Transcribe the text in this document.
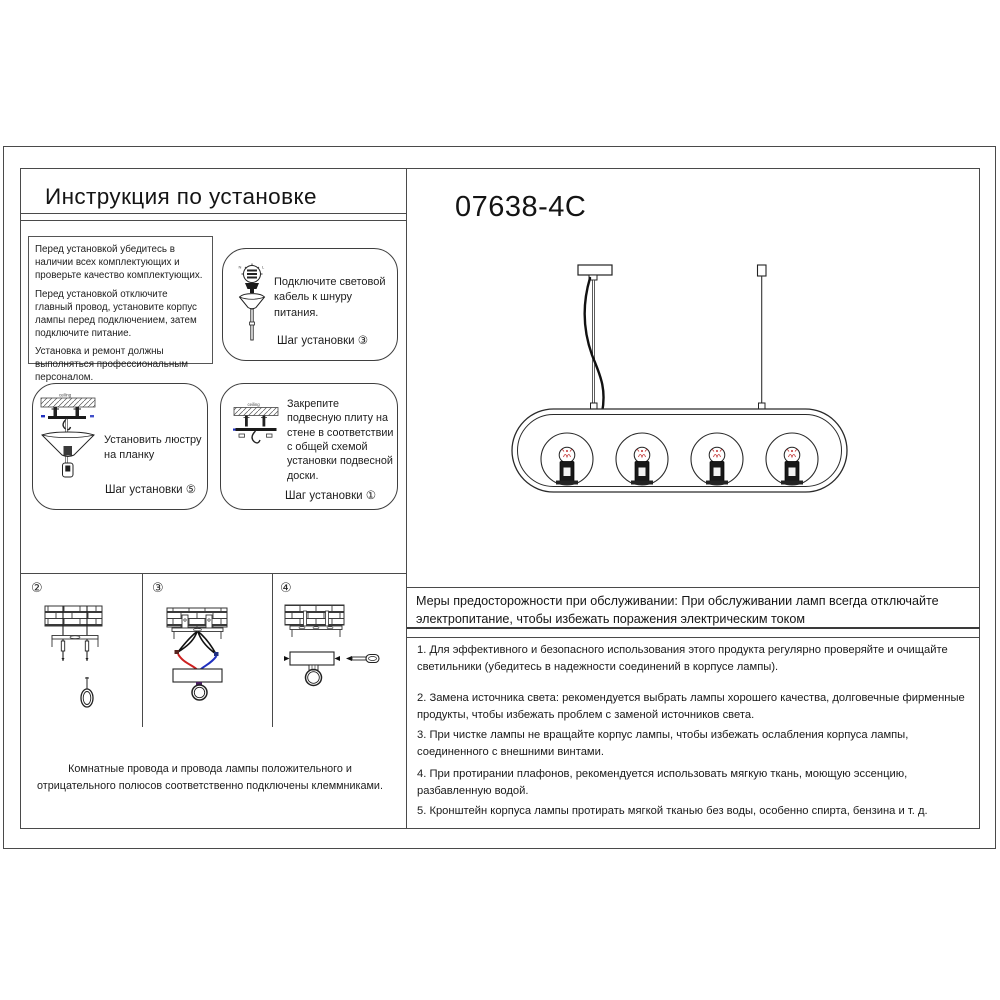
Инструкция по установке

Перед установкой убедитесь в наличии всех комплектующих и проверьте качество комплектующих.

Перед установкой отключите главный провод, установите корпус лампы перед подключением, затем подключите питание.

Установка и ремонт должны выполняться профессиональным персоналом.

N	L
Подключите световой кабель к шнуру питания.
Шаг установки ③
ceiling
Установить люстру на планку
Шаг установки ⑤
ceiling	Закрепите подвесную плиту на стене в соответствии с общей схемой установки подвесной доски.
Шаг установки ①
②	③	④
Комнатные провода и провода лампы положительного и отрицательного полюсов соответственно подключены клеммниками.
07638-4C
Меры предосторожности при обслуживании: При обслуживании ламп всегда отключайте электропитание, чтобы избежать поражения электрическим током
1. Для эффективного и безопасного использования этого продукта регулярно проверяйте и очищайте светильники (убедитесь в надежности соединений в корпусе лампы).
2. Замена источника света: рекомендуется выбрать лампы хорошего качества, долговечные фирменные продукты, чтобы избежать проблем с заменой источников света.
3. При чистке лампы не вращайте корпус лампы, чтобы избежать ослабления корпуса лампы, соединенного с внешними винтами.
4. При протирании плафонов, рекомендуется использовать мягкую ткань, моющую эссенцию, разбавленную водой.
5. Кронштейн корпуса лампы протирать мягкой тканью без воды, особенно спирта, бензина и т. д.
